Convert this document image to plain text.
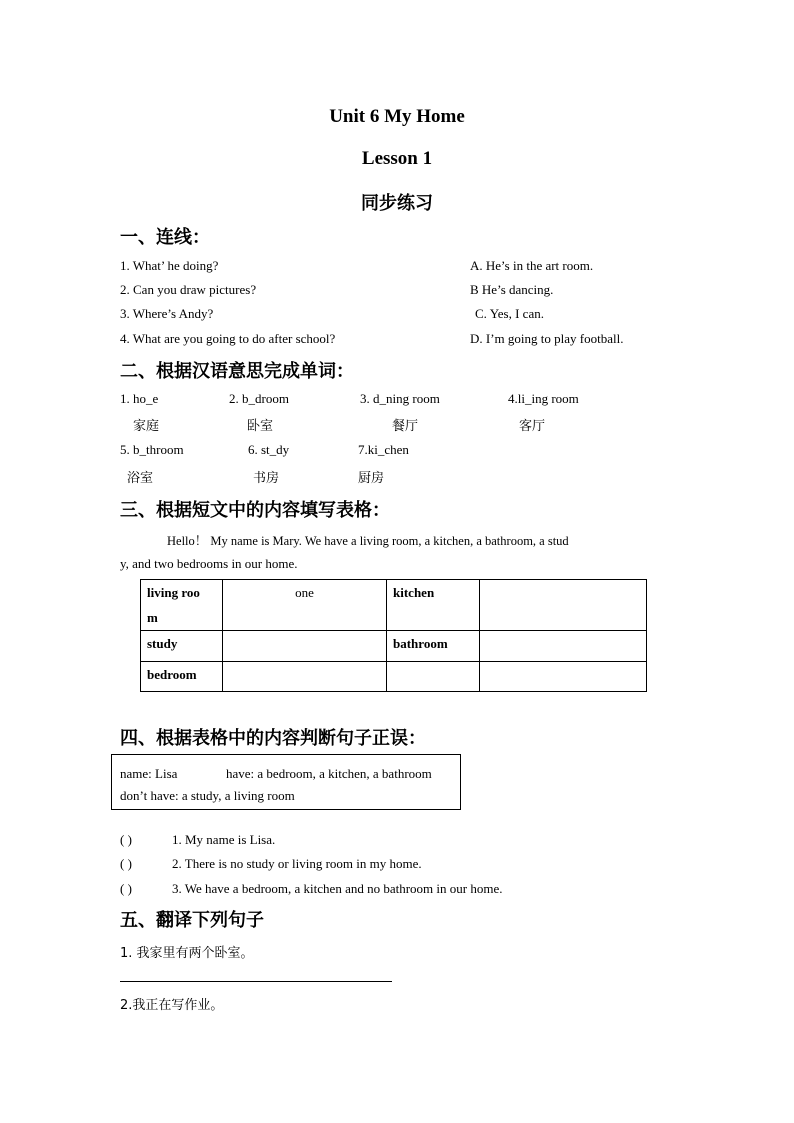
Unit 6 My Home
Lesson 1
同步练习
一、连线：
1. What’ he doing?
2. Can you draw pictures?
3. Where’s Andy?
4. What are you going to do after school?
A. He’s in the art room.
B He’s dancing.
C. Yes, I can.
D. I’m going to play football.
二、根据汉语意思完成单词：
1. ho_e	2. b_droom	3. d_ning room	4.li_ing room
家庭	卧室	餐厅	客厅
5. b_throom	6. st_dy	7.ki_chen
浴室	书房	厨房
三、根据短文中的内容填写表格：
Hello！ My name is Mary. We have a living room, a kitchen, a bathroom, a stud
y, and two bedrooms in our home.
living roo
m	one	kitchen	
study		bathroom	
bedroom			
四、根据表格中的内容判断句子正误：
name: Lisa	have: a bedroom, a kitchen, a bathroom
don’t have: a study, a living room
( )	1. My name is Lisa.
( )	2. There is no study or living room in my home.
( )	3. We have a bedroom, a kitchen and no bathroom in our home.
五、翻译下列句子
1. 我家里有两个卧室。
2.我正在写作业。
